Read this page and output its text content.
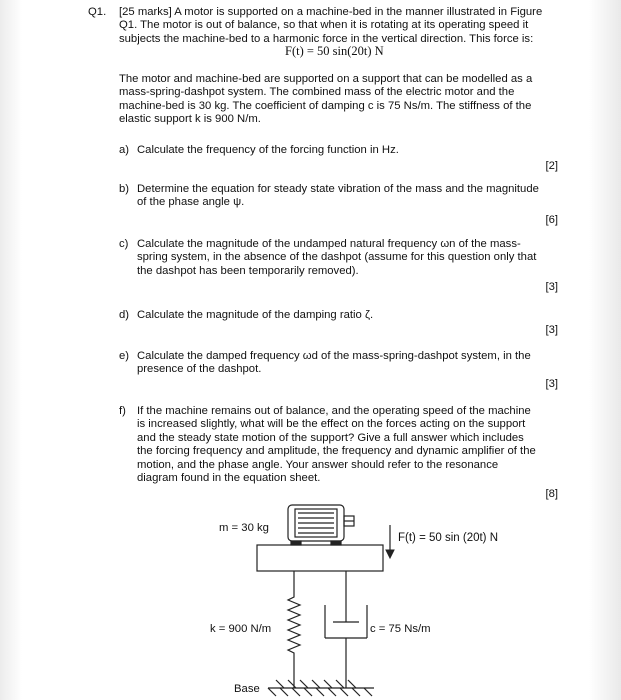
Q1. [25 marks] A motor is supported on a machine-bed in the manner illustrated in Figure
Q1. The motor is out of balance, so that when it is rotating at its operating speed it
subjects the machine-bed to a harmonic force in the vertical direction. This force is:
F(t) = 50 sin(20t) N
The motor and machine-bed are supported on a support that can be modelled as a
mass-spring-dashpot system. The combined mass of the electric motor and the
machine-bed is 30 kg. The coefficient of damping c is 75 Ns/m. The stiffness of the
elastic support k is 900 N/m.
a) Calculate the frequency of the forcing function in Hz.
[2]
b) Determine the equation for steady state vibration of the mass and the magnitude
of the phase angle ψ.
[6]
c) Calculate the magnitude of the undamped natural frequency ωn of the mass-
spring system, in the absence of the dashpot (assume for this question only that
the dashpot has been temporarily removed).
[3]
d) Calculate the magnitude of the damping ratio ζ.
[3]
e) Calculate the damped frequency ωd of the mass-spring-dashpot system, in the
presence of the dashpot.
[3]
f) If the machine remains out of balance, and the operating speed of the machine
is increased slightly, what will be the effect on the forces acting on the support
and the steady state motion of the support? Give a full answer which includes
the forcing frequency and amplitude, the frequency and dynamic amplifier of the
motion, and the phase angle. Your answer should refer to the resonance
diagram found in the equation sheet.
[8]
m = 30 kg
F(t) = 50 sin (20t) N
k = 900 N/m	c = 75 Ns/m
Base
